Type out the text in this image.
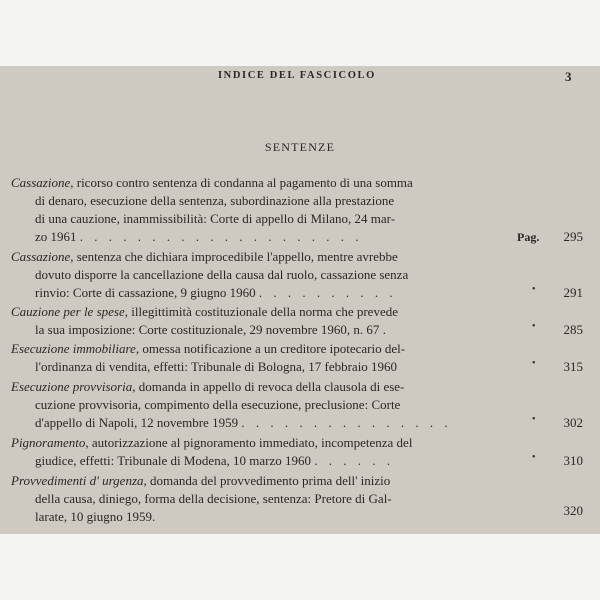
INDICE DEL FASCICOLO	3
SENTENZE
Cassazione, ricorso contro sentenza di condanna al pagamento di una somma
di denaro, esecuzione della sentenza, subordinazione alla prestazione
di una cauzione, inammissibilità: Corte di appello di Milano, 24 mar-
zo 1961 . . . . . . . . . . . . . . . . . . . .	Pag. 295
Cassazione, sentenza che dichiara improcedibile l'appello, mentre avrebbe
dovuto disporre la cancellazione della causa dal ruolo, cassazione senza
rinvio: Corte di cassazione, 9 giugno 1960 . . . . . . . . . .	• 291
Cauzione per le spese, illegittimità costituzionale della norma che prevede
la sua imposizione: Corte costituzionale, 29 novembre 1960, n. 67 .	• 285
Esecuzione immobiliare, omessa notificazione a un creditore ipotecario del-
l'ordinanza di vendita, effetti: Tribunale di Bologna, 17 febbraio 1960	• 315
Esecuzione provvisoria, domanda in appello di revoca della clausola di ese-
cuzione provvisoria, compimento della esecuzione, preclusione: Corte
d'appello di Napoli, 12 novembre 1959 . . . . . . . . . . . . . . .	• 302
Pignoramento, autorizzazione al pignoramento immediato, incompetenza del
giudice, effetti: Tribunale di Modena, 10 marzo 1960 . . . . . .	• 310
Provvedimenti d' urgenza, domanda del provvedimento prima dell' inizio
della causa, diniego, forma della decisione, sentenza: Pretore di Gal-
larate, 10 giugno 1959.	320
